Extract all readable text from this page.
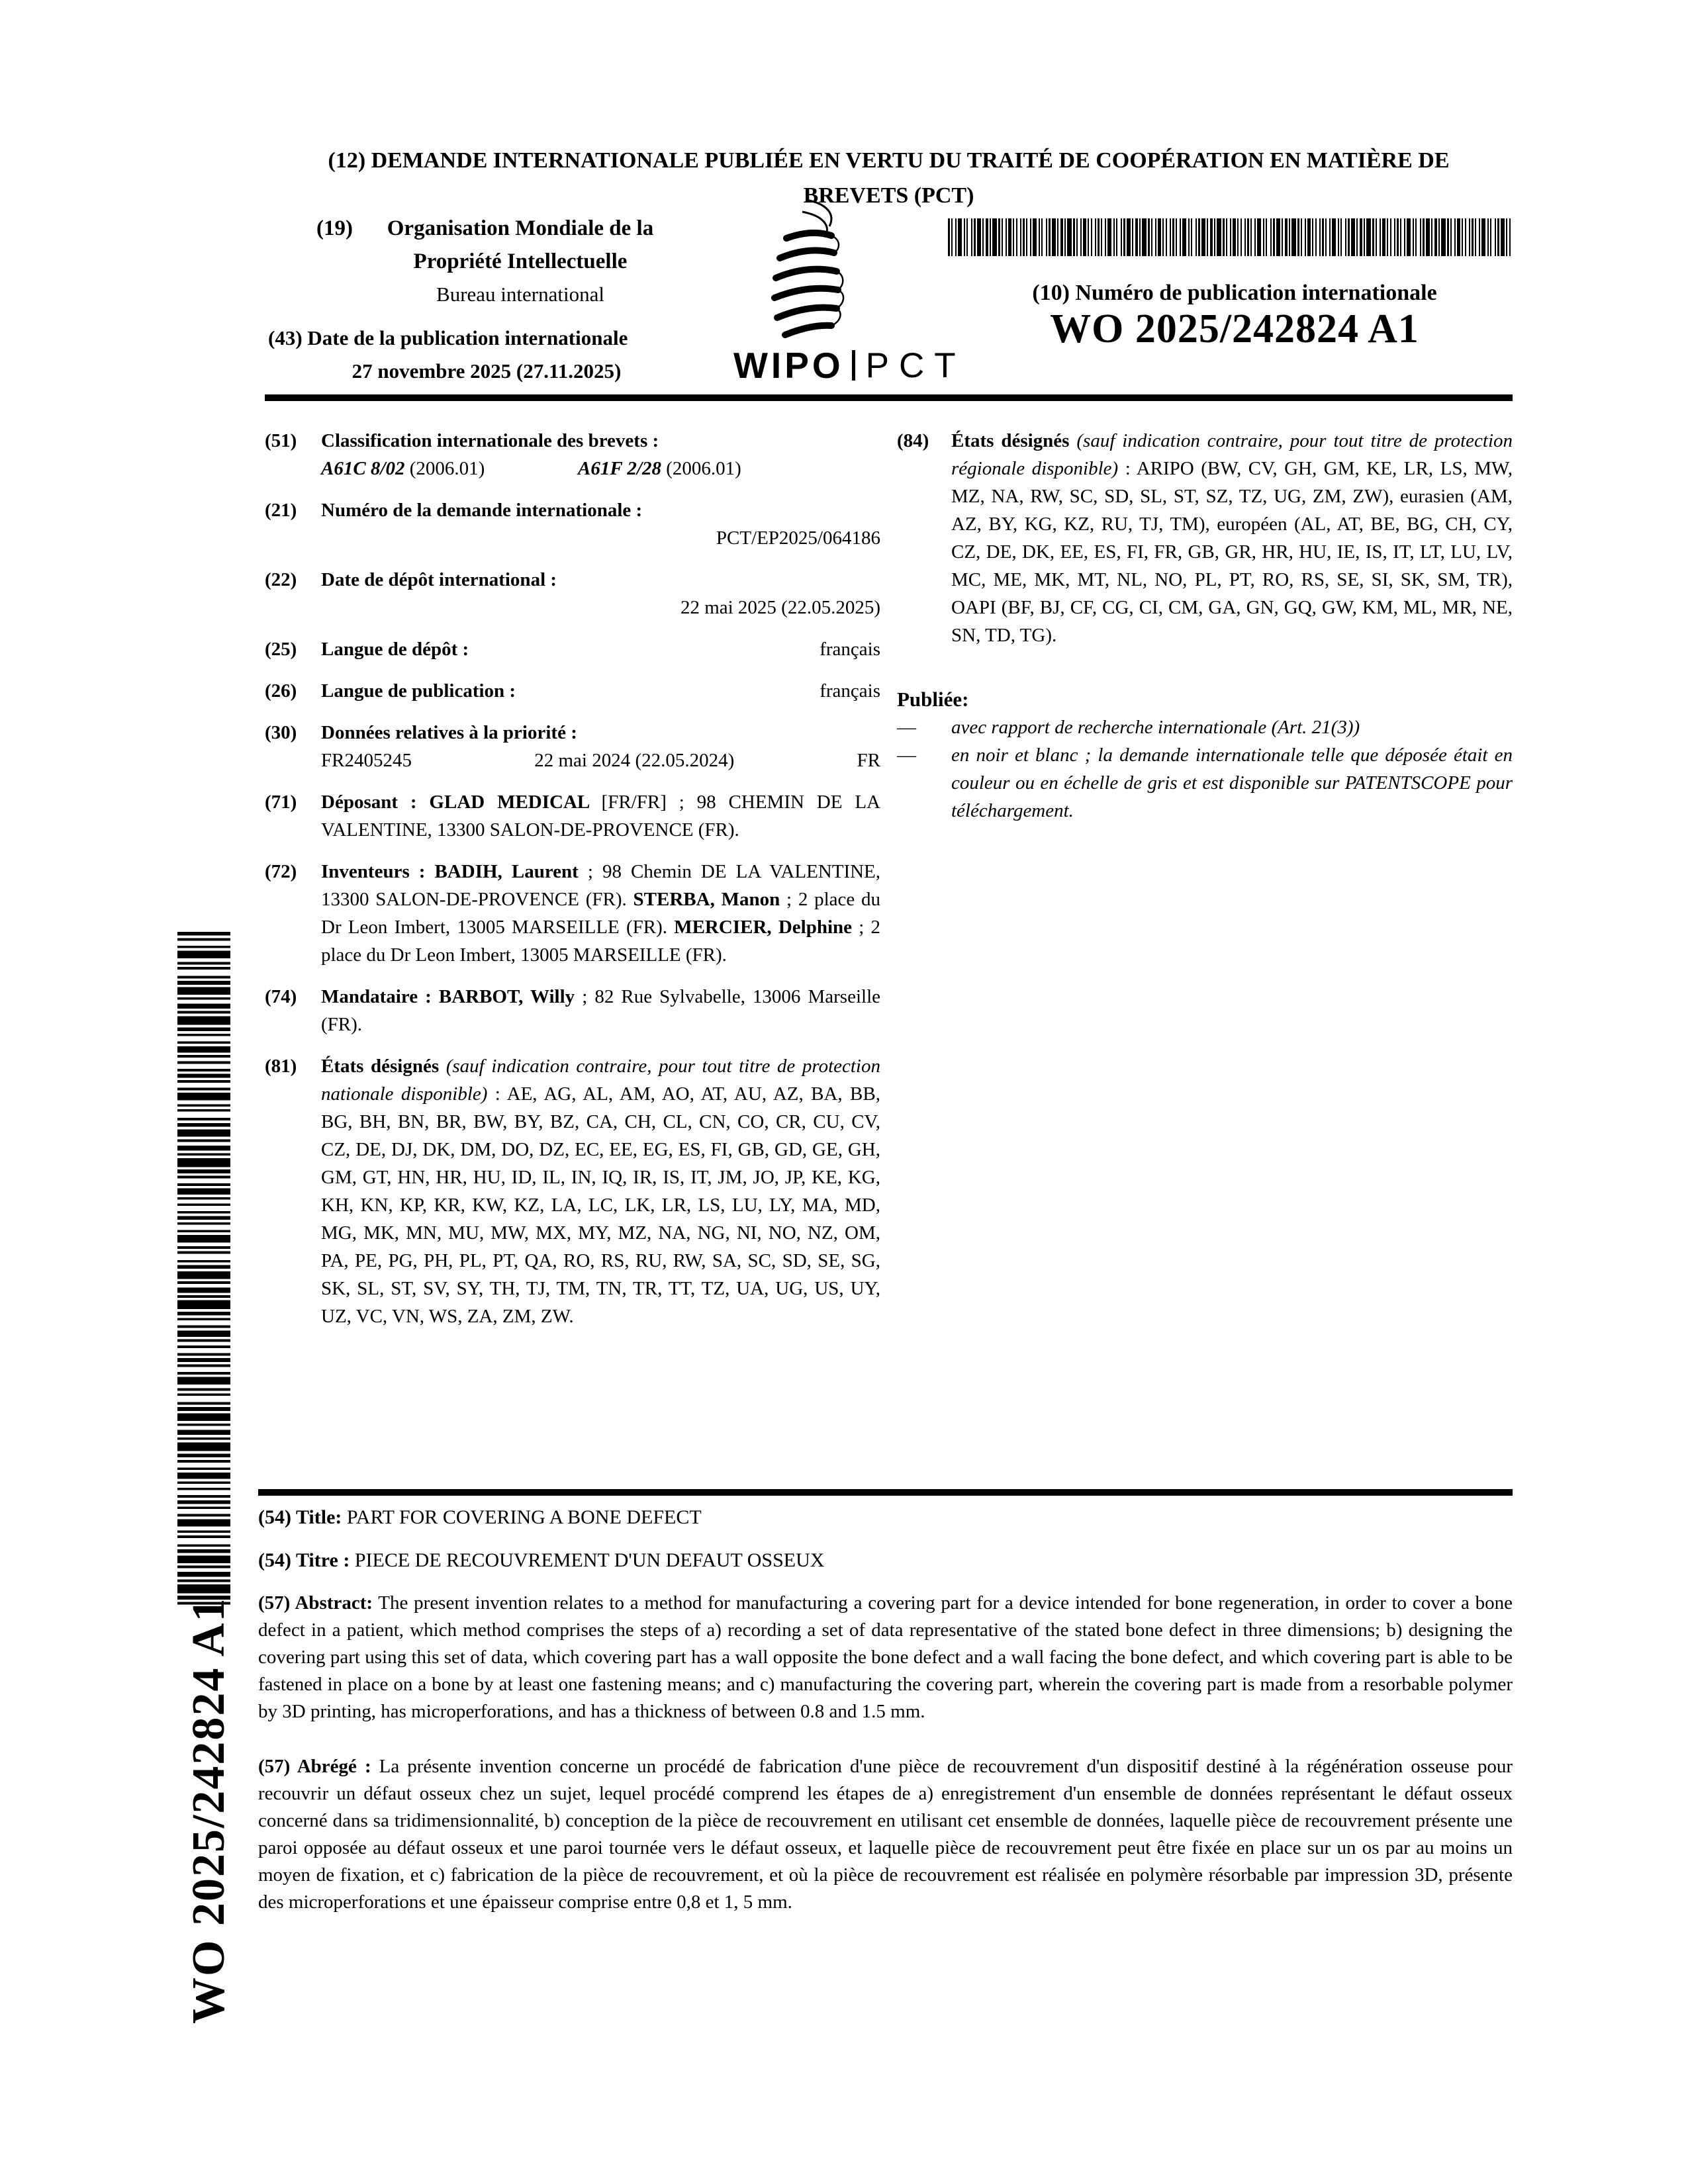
(12) DEMANDE INTERNATIONALE PUBLIÉE EN VERTU DU TRAITÉ DE COOPÉRATION EN MATIÈRE DE
BREVETS (PCT)
(19)	Organisation Mondiale de la
Propriété Intellectuelle
Bureau international
(43) Date de la publication internationale
27 novembre 2025 (27.11.2025)	WIPO PCT
(10) Numéro de publication internationale
WO 2025/242824 A1
(51)	Classification internationale des brevets :
A61C 8/02 (2006.01)	A61F 2/28 (2006.01)
(21)	Numéro de la demande internationale :
PCT/EP2025/064186
(22)	Date de dépôt international :
22 mai 2025 (22.05.2025)
(25)	Langue de dépôt :	français
(26)	Langue de publication :	français
(30)	Données relatives à la priorité :
FR2405245	22 mai 2024 (22.05.2024)	FR
(71)	Déposant : GLAD MEDICAL [FR/FR] ; 98 CHEMIN DE LA VALENTINE, 13300 SALON-DE-PROVENCE (FR).
(72)	Inventeurs : BADIH, Laurent ; 98 Chemin DE LA VALENTINE, 13300 SALON-DE-PROVENCE (FR). STERBA, Manon ; 2 place du Dr Leon Imbert, 13005 MARSEILLE (FR). MERCIER, Delphine ; 2 place du Dr Leon Imbert, 13005 MARSEILLE (FR).
(74)	Mandataire : BARBOT, Willy ; 82 Rue Sylvabelle, 13006 Marseille (FR).
(81)	États désignés (sauf indication contraire, pour tout titre de protection nationale disponible) : AE, AG, AL, AM, AO, AT, AU, AZ, BA, BB, BG, BH, BN, BR, BW, BY, BZ, CA, CH, CL, CN, CO, CR, CU, CV, CZ, DE, DJ, DK, DM, DO, DZ, EC, EE, EG, ES, FI, GB, GD, GE, GH, GM, GT, HN, HR, HU, ID, IL, IN, IQ, IR, IS, IT, JM, JO, JP, KE, KG, KH, KN, KP, KR, KW, KZ, LA, LC, LK, LR, LS, LU, LY, MA, MD, MG, MK, MN, MU, MW, MX, MY, MZ, NA, NG, NI, NO, NZ, OM, PA, PE, PG, PH, PL, PT, QA, RO, RS, RU, RW, SA, SC, SD, SE, SG, SK, SL, ST, SV, SY, TH, TJ, TM, TN, TR, TT, TZ, UA, UG, US, UY, UZ, VC, VN, WS, ZA, ZM, ZW.
(84)	États désignés (sauf indication contraire, pour tout titre de protection régionale disponible) : ARIPO (BW, CV, GH, GM, KE, LR, LS, MW, MZ, NA, RW, SC, SD, SL, ST, SZ, TZ, UG, ZM, ZW), eurasien (AM, AZ, BY, KG, KZ, RU, TJ, TM), européen (AL, AT, BE, BG, CH, CY, CZ, DE, DK, EE, ES, FI, FR, GB, GR, HR, HU, IE, IS, IT, LT, LU, LV, MC, ME, MK, MT, NL, NO, PL, PT, RO, RS, SE, SI, SK, SM, TR), OAPI (BF, BJ, CF, CG, CI, CM, GA, GN, GQ, GW, KM, ML, MR, NE, SN, TD, TG).
Publiée:
—	avec rapport de recherche internationale (Art. 21(3))
—	en noir et blanc ; la demande internationale telle que déposée était en couleur ou en échelle de gris et est disponible sur PATENTSCOPE pour téléchargement.
(54) Title: PART FOR COVERING A BONE DEFECT
(54) Titre : PIECE DE RECOUVREMENT D'UN DEFAUT OSSEUX
(57) Abstract: The present invention relates to a method for manufacturing a covering part for a device intended for bone regeneration, in order to cover a bone defect in a patient, which method comprises the steps of a) recording a set of data representative of the stated bone defect in three dimensions; b) designing the covering part using this set of data, which covering part has a wall opposite the bone defect and a wall facing the bone defect, and which covering part is able to be fastened in place on a bone by at least one fastening means; and c) manufacturing the covering part, wherein the covering part is made from a resorbable polymer by 3D printing, has microperforations, and has a thickness of between 0.8 and 1.5 mm.
(57) Abrégé : La présente invention concerne un procédé de fabrication d'une pièce de recouvrement d'un dispositif destiné à la régénération osseuse pour recouvrir un défaut osseux chez un sujet, lequel procédé comprend les étapes de a) enregistrement d'un ensemble de données représentant le défaut osseux concerné dans sa tridimensionnalité, b) conception de la pièce de recouvrement en utilisant cet ensemble de données, laquelle pièce de recouvrement présente une paroi opposée au défaut osseux et une paroi tournée vers le défaut osseux, et laquelle pièce de recouvrement peut être fixée en place sur un os par au moins un moyen de fixation, et c) fabrication de la pièce de recouvrement, et où la pièce de recouvrement est réalisée en polymère résorbable par impression 3D, présente des microperforations et une épaisseur comprise entre 0,8 et 1, 5 mm.
WO 2025/242824 A1
